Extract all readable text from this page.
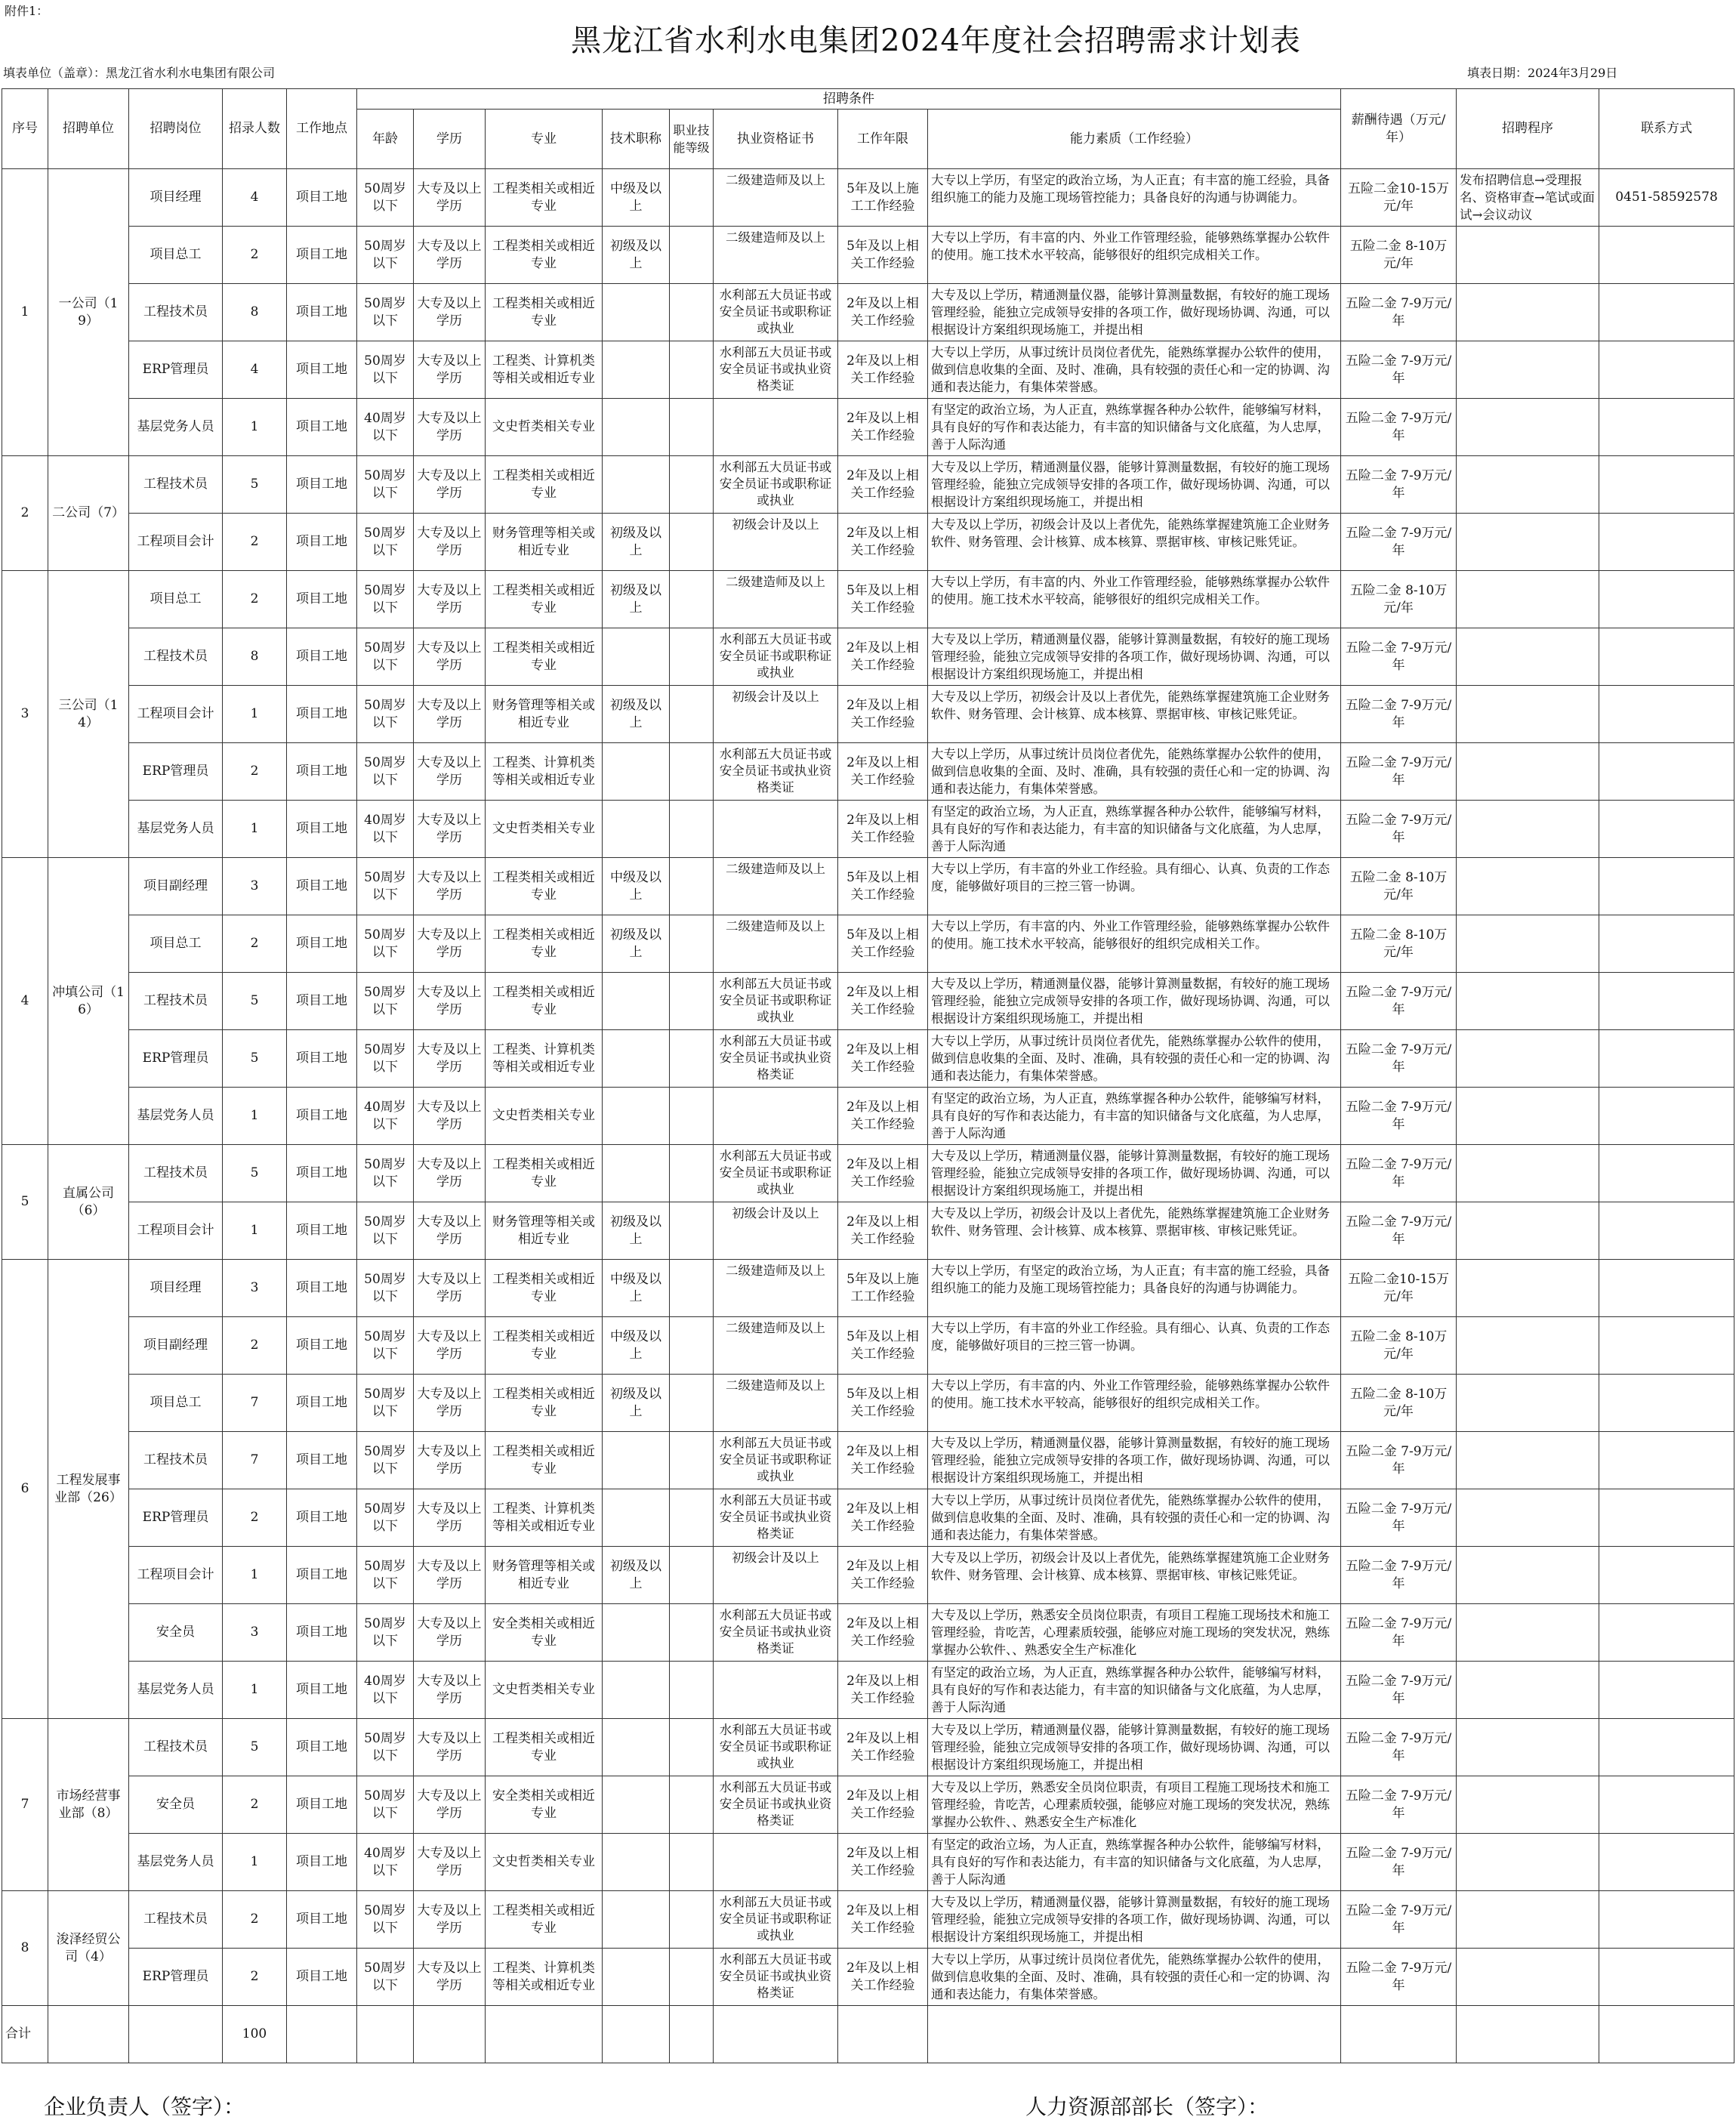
附件1：
黑龙江省水利水电集团2024年度社会招聘需求计划表
填表单位（盖章）：黑龙江省水利水电集团有限公司	填表日期：2024年3月29日
序号	招聘单位	招聘岗位	招录人数	工作地点	招聘条件								薪酬待遇（万元/年）	招聘程序	联系方式
					年龄	学历	专业	技术职称	职业技能等级	执业资格证书	工作年限	能力素质（工作经验）			
1	一公司（19）	项目经理	4	项目工地	50周岁以下	大专及以上学历	工程类相关或相近专业	中级及以上		二级建造师及以上	5年及以上施工工作经验	大专以上学历，有坚定的政治立场，为人正直；有丰富的施工经验，具备组织施工的能力及施工现场管控能力；具备良好的沟通与协调能力。	五险二金10-15万元/年	发布招聘信息→受理报名、资格审查→笔试或面试→会议动议	0451-58592578

		项目总工	2	项目工地	50周岁以下	大专及以上学历	工程类相关或相近专业	初级及以上		二级建造师及以上	5年及以上相关工作经验	大专以上学历，有丰富的内、外业工作管理经验，能够熟练掌握办公软件的使用。施工技术水平较高，能够很好的组织完成相关工作。	五险二金 8-10万元/年		

		工程技术员	8	项目工地	50周岁以下	大专及以上学历	工程类相关或相近专业			水利部五大员证书或安全员证书或职称证或执业	2年及以上相关工作经验	大专及以上学历，精通测量仪器，能够计算测量数据，有较好的施工现场管理经验，能独立完成领导安排的各项工作，做好现场协调、沟通，可以根据设计方案组织现场施工，并提出相	五险二金 7-9万元/年		

		ERP管理员	4	项目工地	50周岁以下	大专及以上学历	工程类、计算机类等相关或相近专业			水利部五大员证书或安全员证书或执业资格类证	2年及以上相关工作经验	大专以上学历，从事过统计员岗位者优先，能熟练掌握办公软件的使用，做到信息收集的全面、及时、准确，具有较强的责任心和一定的协调、沟通和表达能力，有集体荣誉感。	五险二金 7-9万元/年		

		基层党务人员	1	项目工地	40周岁以下	大专及以上学历	文史哲类相关专业				2年及以上相关工作经验	有坚定的政治立场，为人正直，熟练掌握各种办公软件，能够编写材料，具有良好的写作和表达能力，有丰富的知识储备与文化底蕴，为人忠厚，善于人际沟通	五险二金 7-9万元/年		
2	二公司（7）	工程技术员	5	项目工地	50周岁以下	大专及以上学历	工程类相关或相近专业			水利部五大员证书或安全员证书或职称证或执业	2年及以上相关工作经验	大专及以上学历，精通测量仪器，能够计算测量数据，有较好的施工现场管理经验，能独立完成领导安排的各项工作，做好现场协调、沟通，可以根据设计方案组织现场施工，并提出相	五险二金 7-9万元/年		

		工程项目会计	2	项目工地	50周岁以下	大专及以上学历	财务管理等相关或相近专业	初级及以上		初级会计及以上	2年及以上相关工作经验	大专及以上学历，初级会计及以上者优先，能熟练掌握建筑施工企业财务软件、财务管理、会计核算、成本核算、票据审核、审核记账凭证。	五险二金 7-9万元/年		
3	三公司（14）	项目总工	2	项目工地	50周岁以下	大专及以上学历	工程类相关或相近专业	初级及以上		二级建造师及以上	5年及以上相关工作经验	大专以上学历，有丰富的内、外业工作管理经验，能够熟练掌握办公软件的使用。施工技术水平较高，能够很好的组织完成相关工作。	五险二金 8-10万元/年		

		工程技术员	8	项目工地	50周岁以下	大专及以上学历	工程类相关或相近专业			水利部五大员证书或安全员证书或职称证或执业	2年及以上相关工作经验	大专及以上学历，精通测量仪器，能够计算测量数据，有较好的施工现场管理经验，能独立完成领导安排的各项工作，做好现场协调、沟通，可以根据设计方案组织现场施工，并提出相	五险二金 7-9万元/年		

		工程项目会计	1	项目工地	50周岁以下	大专及以上学历	财务管理等相关或相近专业	初级及以上		初级会计及以上	2年及以上相关工作经验	大专及以上学历，初级会计及以上者优先，能熟练掌握建筑施工企业财务软件、财务管理、会计核算、成本核算、票据审核、审核记账凭证。	五险二金 7-9万元/年		

		ERP管理员	2	项目工地	50周岁以下	大专及以上学历	工程类、计算机类等相关或相近专业			水利部五大员证书或安全员证书或执业资格类证	2年及以上相关工作经验	大专以上学历，从事过统计员岗位者优先，能熟练掌握办公软件的使用，做到信息收集的全面、及时、准确，具有较强的责任心和一定的协调、沟通和表达能力，有集体荣誉感。	五险二金 7-9万元/年		

		基层党务人员	1	项目工地	40周岁以下	大专及以上学历	文史哲类相关专业				2年及以上相关工作经验	有坚定的政治立场，为人正直，熟练掌握各种办公软件，能够编写材料，具有良好的写作和表达能力，有丰富的知识储备与文化底蕴，为人忠厚，善于人际沟通	五险二金 7-9万元/年		
4	冲填公司（16）	项目副经理	3	项目工地	50周岁以下	大专及以上学历	工程类相关或相近专业	中级及以上		二级建造师及以上	5年及以上相关工作经验	大专以上学历，有丰富的外业工作经验。具有细心、认真、负责的工作态度，能够做好项目的三控三管一协调。	五险二金 8-10万元/年		

		项目总工	2	项目工地	50周岁以下	大专及以上学历	工程类相关或相近专业	初级及以上		二级建造师及以上	5年及以上相关工作经验	大专以上学历，有丰富的内、外业工作管理经验，能够熟练掌握办公软件的使用。施工技术水平较高，能够很好的组织完成相关工作。	五险二金 8-10万元/年		

		工程技术员	5	项目工地	50周岁以下	大专及以上学历	工程类相关或相近专业			水利部五大员证书或安全员证书或职称证或执业	2年及以上相关工作经验	大专及以上学历，精通测量仪器，能够计算测量数据，有较好的施工现场管理经验，能独立完成领导安排的各项工作，做好现场协调、沟通，可以根据设计方案组织现场施工，并提出相	五险二金 7-9万元/年		

		ERP管理员	5	项目工地	50周岁以下	大专及以上学历	工程类、计算机类等相关或相近专业			水利部五大员证书或安全员证书或执业资格类证	2年及以上相关工作经验	大专以上学历，从事过统计员岗位者优先，能熟练掌握办公软件的使用，做到信息收集的全面、及时、准确，具有较强的责任心和一定的协调、沟通和表达能力，有集体荣誉感。	五险二金 7-9万元/年		

		基层党务人员	1	项目工地	40周岁以下	大专及以上学历	文史哲类相关专业				2年及以上相关工作经验	有坚定的政治立场，为人正直，熟练掌握各种办公软件，能够编写材料，具有良好的写作和表达能力，有丰富的知识储备与文化底蕴，为人忠厚，善于人际沟通	五险二金 7-9万元/年		
5	直属公司（6）	工程技术员	5	项目工地	50周岁以下	大专及以上学历	工程类相关或相近专业			水利部五大员证书或安全员证书或职称证或执业	2年及以上相关工作经验	大专及以上学历，精通测量仪器，能够计算测量数据，有较好的施工现场管理经验，能独立完成领导安排的各项工作，做好现场协调、沟通，可以根据设计方案组织现场施工，并提出相	五险二金 7-9万元/年		

		工程项目会计	1	项目工地	50周岁以下	大专及以上学历	财务管理等相关或相近专业	初级及以上		初级会计及以上	2年及以上相关工作经验	大专及以上学历，初级会计及以上者优先，能熟练掌握建筑施工企业财务软件、财务管理、会计核算、成本核算、票据审核、审核记账凭证。	五险二金 7-9万元/年		
6	工程发展事业部（26）	项目经理	3	项目工地	50周岁以下	大专及以上学历	工程类相关或相近专业	中级及以上		二级建造师及以上	5年及以上施工工作经验	大专以上学历，有坚定的政治立场，为人正直；有丰富的施工经验，具备组织施工的能力及施工现场管控能力；具备良好的沟通与协调能力。	五险二金10-15万元/年		

		项目副经理	2	项目工地	50周岁以下	大专及以上学历	工程类相关或相近专业	中级及以上		二级建造师及以上	5年及以上相关工作经验	大专以上学历，有丰富的外业工作经验。具有细心、认真、负责的工作态度，能够做好项目的三控三管一协调。	五险二金 8-10万元/年		

		项目总工	7	项目工地	50周岁以下	大专及以上学历	工程类相关或相近专业	初级及以上		二级建造师及以上	5年及以上相关工作经验	大专以上学历，有丰富的内、外业工作管理经验，能够熟练掌握办公软件的使用。施工技术水平较高，能够很好的组织完成相关工作。	五险二金 8-10万元/年		

		工程技术员	7	项目工地	50周岁以下	大专及以上学历	工程类相关或相近专业			水利部五大员证书或安全员证书或职称证或执业	2年及以上相关工作经验	大专及以上学历，精通测量仪器，能够计算测量数据，有较好的施工现场管理经验，能独立完成领导安排的各项工作，做好现场协调、沟通，可以根据设计方案组织现场施工，并提出相	五险二金 7-9万元/年		

		ERP管理员	2	项目工地	50周岁以下	大专及以上学历	工程类、计算机类等相关或相近专业			水利部五大员证书或安全员证书或执业资格类证	2年及以上相关工作经验	大专以上学历，从事过统计员岗位者优先，能熟练掌握办公软件的使用，做到信息收集的全面、及时、准确，具有较强的责任心和一定的协调、沟通和表达能力，有集体荣誉感。	五险二金 7-9万元/年		

		工程项目会计	1	项目工地	50周岁以下	大专及以上学历	财务管理等相关或相近专业	初级及以上		初级会计及以上	2年及以上相关工作经验	大专及以上学历，初级会计及以上者优先，能熟练掌握建筑施工企业财务软件、财务管理、会计核算、成本核算、票据审核、审核记账凭证。	五险二金 7-9万元/年		

		安全员	3	项目工地	50周岁以下	大专及以上学历	安全类相关或相近专业			水利部五大员证书或安全员证书或执业资格类证	2年及以上相关工作经验	大专及以上学历，熟悉安全员岗位职责，有项目工程施工现场技术和施工管理经验，肯吃苦，心理素质较强，能够应对施工现场的突发状况，熟练掌握办公软件、、熟悉安全生产标准化	五险二金 7-9万元/年		

		基层党务人员	1	项目工地	40周岁以下	大专及以上学历	文史哲类相关专业				2年及以上相关工作经验	有坚定的政治立场，为人正直，熟练掌握各种办公软件，能够编写材料，具有良好的写作和表达能力，有丰富的知识储备与文化底蕴，为人忠厚，善于人际沟通	五险二金 7-9万元/年		
7	市场经营事业部（8）	工程技术员	5	项目工地	50周岁以下	大专及以上学历	工程类相关或相近专业			水利部五大员证书或安全员证书或职称证或执业	2年及以上相关工作经验	大专及以上学历，精通测量仪器，能够计算测量数据，有较好的施工现场管理经验，能独立完成领导安排的各项工作，做好现场协调、沟通，可以根据设计方案组织现场施工，并提出相	五险二金 7-9万元/年		

		安全员	2	项目工地	50周岁以下	大专及以上学历	安全类相关或相近专业			水利部五大员证书或安全员证书或执业资格类证	2年及以上相关工作经验	大专及以上学历，熟悉安全员岗位职责，有项目工程施工现场技术和施工管理经验，肯吃苦，心理素质较强，能够应对施工现场的突发状况，熟练掌握办公软件、、熟悉安全生产标准化	五险二金 7-9万元/年		

		基层党务人员	1	项目工地	40周岁以下	大专及以上学历	文史哲类相关专业				2年及以上相关工作经验	有坚定的政治立场，为人正直，熟练掌握各种办公软件，能够编写材料，具有良好的写作和表达能力，有丰富的知识储备与文化底蕴，为人忠厚，善于人际沟通	五险二金 7-9万元/年		
8	浚泽经贸公司（4）	工程技术员	2	项目工地	50周岁以下	大专及以上学历	工程类相关或相近专业			水利部五大员证书或安全员证书或职称证或执业	2年及以上相关工作经验	大专及以上学历，精通测量仪器，能够计算测量数据，有较好的施工现场管理经验，能独立完成领导安排的各项工作，做好现场协调、沟通，可以根据设计方案组织现场施工，并提出相	五险二金 7-9万元/年		

		ERP管理员	2	项目工地	50周岁以下	大专及以上学历	工程类、计算机类等相关或相近专业			水利部五大员证书或安全员证书或执业资格类证	2年及以上相关工作经验	大专以上学历，从事过统计员岗位者优先，能熟练掌握办公软件的使用，做到信息收集的全面、及时、准确，具有较强的责任心和一定的协调、沟通和表达能力，有集体荣誉感。	五险二金 7-9万元/年		
合计			100												
企业负责人（签字）：	人力资源部部长（签字）：
